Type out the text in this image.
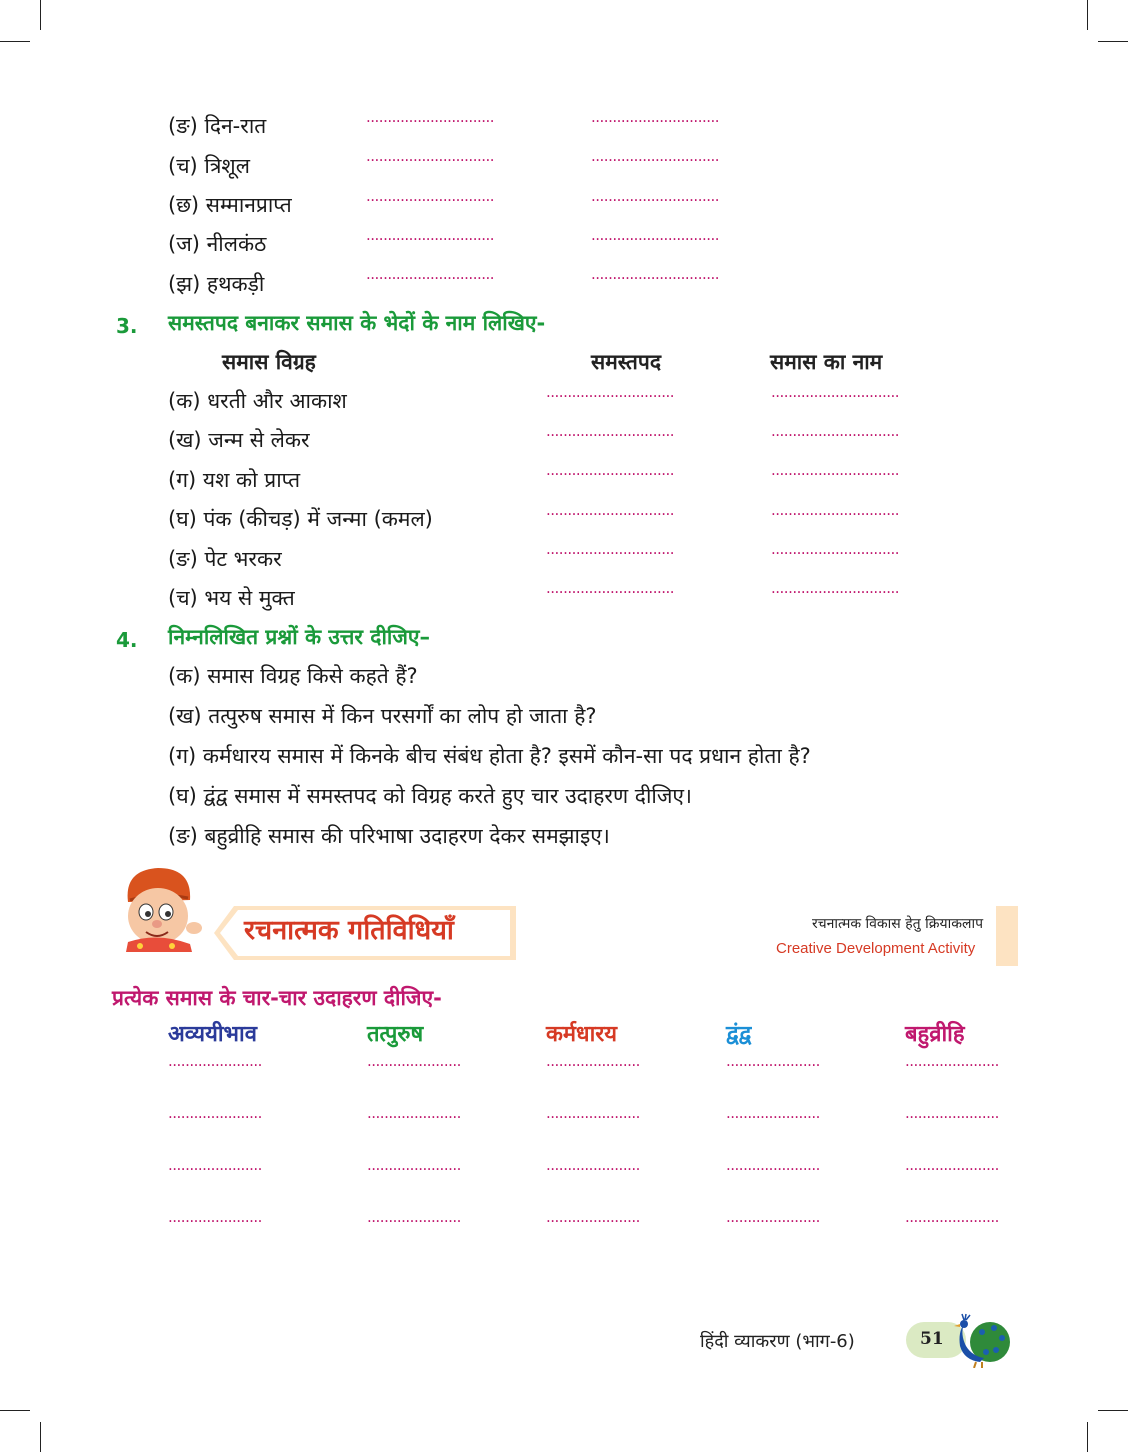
(ङ) दिन-रात	..............................	..............................
(च) त्रिशूल	..............................	..............................
(छ) सम्मानप्राप्त	..............................	..............................
(ज) नीलकंठ	..............................	..............................
(झ) हथकड़ी	..............................	..............................
3. समस्तपद बनाकर समास के भेदों के नाम लिखिए-
समास विग्रह	समस्तपद	समास का नाम
(क) धरती और आकाश	..............................	..............................
(ख) जन्म से लेकर	..............................	..............................
(ग) यश को प्राप्त	..............................	..............................
(घ) पंक (कीचड़) में जन्मा (कमल)	..............................	..............................
(ङ) पेट भरकर	..............................	..............................
(च) भय से मुक्त	..............................	..............................
4. निम्नलिखित प्रश्नों के उत्तर दीजिए–
(क) समास विग्रह किसे कहते हैं?
(ख) तत्पुरुष समास में किन परसर्गों का लोप हो जाता है?
(ग) कर्मधारय समास में किनके बीच संबंध होता है? इसमें कौन-सा पद प्रधान होता है?
(घ) द्वंद्व समास में समस्तपद को विग्रह करते हुए चार उदाहरण दीजिए।
(ङ) बहुव्रीहि समास की परिभाषा उदाहरण देकर समझाइए।
रचनात्मक गतिविधियाँ	रचनात्मक विकास हेतु क्रियाकलाप
Creative Development Activity
प्रत्येक समास के चार-चार उदाहरण दीजिए-
अव्ययीभाव	तत्पुरुष	कर्मधारय	द्वंद्व	बहुव्रीहि
......................	......................	......................	......................	......................
......................	......................	......................	......................	......................
......................	......................	......................	......................	......................
......................	......................	......................	......................	......................
हिंदी व्याकरण (भाग-6)	51
